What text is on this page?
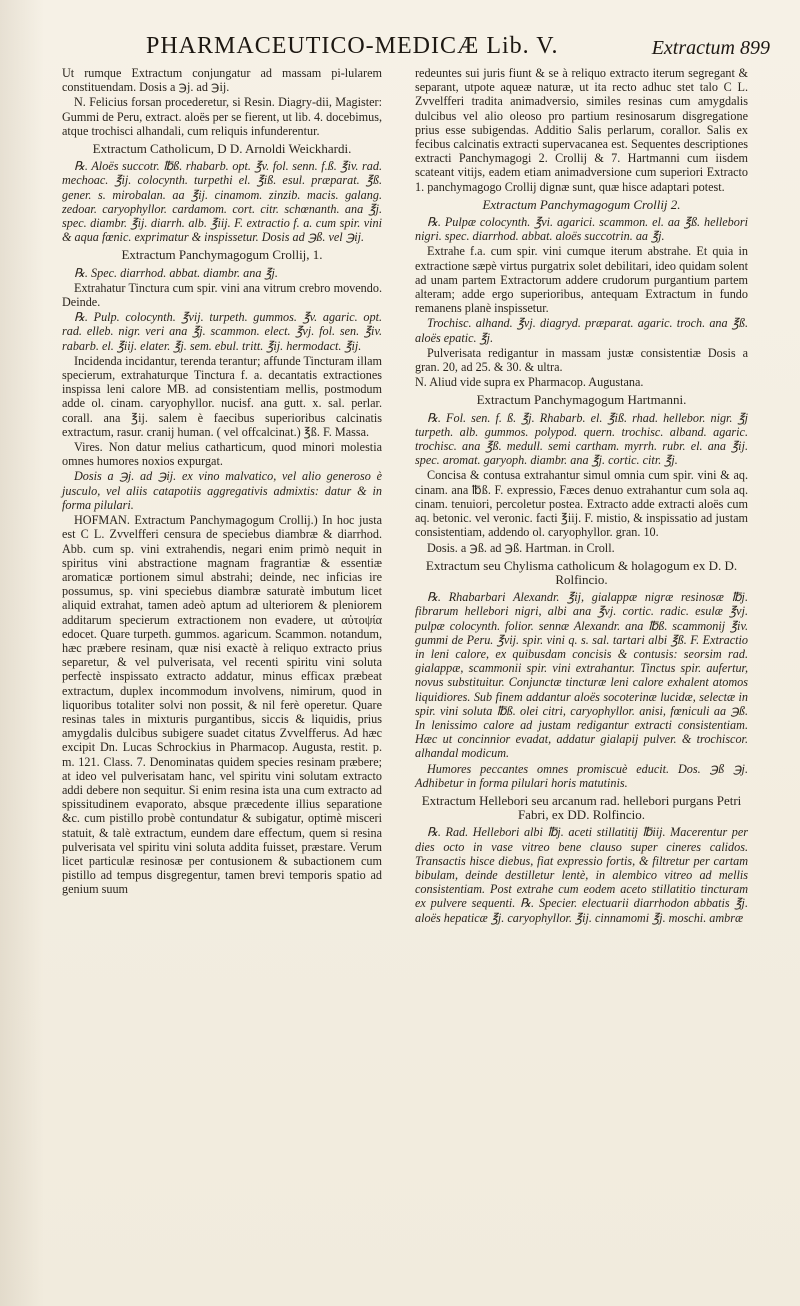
PHARMACEUTICO-MEDICÆ Lib. V.	Extractum 899

Ut rumque Extractum conjungatur ad massam pi-lularem constituendam. Dosis a ℈j. ad ℈ij.

N. Felicius forsan procederetur, si Resin. Diagry-dii, Magister: Gummi de Peru, extract. aloës per se fierent, ut lib. 4. docebimus, atque trochisci alhandali, cum reliquis infunderentur.

Extractum Catholicum, D D. Arnoldi Weickhardi.

℞. Aloës succotr. ℔ß. rhabarb. opt. ℥v. fol. senn. f.ß. ℥iv. rad. mechoac. ℥ij. colocynth. turpethi el. ℥iß. esul. præparat. ℥ß. gener. s. mirobalan. aa ℥ij. cinamom. zinzib. macis. galang. zedoar. caryophyllor. cardamom. cort. citr. schœnanth. ana ℥j. spec. diambr. ℥ij. diarrh. alb. ℥iij. F. extractio f. a. cum spir. vini & aqua fœnic. exprimatur & inspissetur. Dosis ad ℈ß. vel ℈ij.

Extractum Panchymagogum Crollij, 1.

℞. Spec. diarrhod. abbat. diambr. ana ℥j.

Extrahatur Tinctura cum spir. vini ana vitrum crebro movendo. Deinde.

℞. Pulp. colocynth. ℥vij. turpeth. gummos. ℥v. agaric. opt. rad. elleb. nigr. veri ana ℥j. scammon. elect. ℥vj. fol. sen. ℥iv. rabarb. el. ℥iij. elater. ℥j. sem. ebul. tritt. ℥ij. hermodact. ℥ij.

Incidenda incidantur, terenda terantur; affunde Tincturam illam specierum, extrahaturque Tinctura f. a. decantatis extractiones inspissa leni calore MB. ad consistentiam mellis, postmodum adde ol. cinam. caryophyllor. nucisf. ana gutt. x. sal. perlar. corall. ana ℥ij. salem è faecibus superioribus calcinatis extractum, rasur. cranij human. ( vel offcalcinat.) ℥ß. F. Massa.

Vires. Non datur melius catharticum, quod minori molestia omnes humores noxios expurgat.

Dosis a ℈j. ad ℈ij. ex vino malvatico, vel alio generoso è jusculo, vel aliis catapotiis aggregativis admixtis: datur & in forma pilulari.

HOFMAN. Extractum Panchymagogum Crollij.) In hoc justa est C L. Zvvelfferi censura de speciebus diambræ & diarrhod. Abb. cum sp. vini extrahendis, negari enim primò nequit in spiritus vini abstractione magnam fragrantiæ & essentiæ aromaticæ portionem simul abstrahi; deinde, nec inficias ire possumus, sp. vini speciebus diambræ saturatè imbutum licet aliquid extrahat, tamen adeò aptum ad ulteriorem & pleniorem additarum specierum extractionem non evadere, ut αὐτοψία edocet. Quare turpeth. gummos. agaricum. Scammon. notandum, hæc præbere resinam, quæ nisi exactè à reliquo extracto prius separetur, & vel pulverisata, vel recenti spiritu vini soluta perfectè inspissato extracto addatur, minus efficax præbeat extractum, duplex incommodum involvens, nimirum, quod in liquoribus totaliter solvi non possit, & nil ferè operetur. Quare resinas tales in mixturis purgantibus, siccis & liquidis, prius amygdalis dulcibus subigere suadet citatus Zvvelfferus. Ad hæc excipit Dn. Lucas Schrockius in Pharmacop. Augusta, restit. p. m. 121. Class. 7. Denominatas quidem species resinam præbere; at ideo vel pulverisatam hanc, vel spiritu vini solutam extracto addi debere non sequitur. Si enim resina ista una cum extracto ad spissitudinem evaporato, absque præcedente illius separatione &c. cum pistillo probè contundatur & subigatur, optimè misceri statuit, & talè extractum, eundem dare effectum, quem si resina pulverisata vel spiritu vini soluta addita fuisset, præstare. Verum licet particulæ resinosæ per contusionem & subactionem cum pistillo ad tempus disgregentur, tamen brevi temporis spatio ad genium suum

redeuntes sui juris fiunt & se à reliquo extracto iterum segregant & separant, utpote aqueæ naturæ, ut ita recto adhuc stet talo C L. Zvvelfferi tradita animadversio, similes resinas cum amygdalis dulcibus vel alio oleoso pro partium resinosarum disgregatione prius esse subigendas. Additio Salis perlarum, corallor. Salis ex fecibus calcinatis extracti supervacanea est. Sequentes descriptiones extracti Panchymagogi 2. Crollij & 7. Hartmanni cum iisdem scateant vitijs, eadem etiam animadversione cum superiori Extracto 1. panchymagogo Crollij dignæ sunt, quæ hisce adaptari potest.

Extractum Panchymagogum Crollij 2.

℞. Pulpæ colocynth. ℥vi. agarici. scammon. el. aa ℥ß. hellebori nigri. spec. diarrhod. abbat. aloës succotrin. aa ℥j.

Extrahe f.a. cum spir. vini cumque iterum abstrahe. Et quia in extractione sæpè virtus purgatrix solet debilitari, ideo quidam solent ad unam partem Extractorum addere crudorum purgantium partem alteram; adde ergo superioribus, antequam Extractum in fundo remanens planè inspissetur.

Trochisc. alhand. ℥vj. diagryd. præparat. agaric. troch. ana ℥ß. aloës epatic. ℥j.

Pulverisata redigantur in massam justæ consistentiæ Dosis a gran. 20, ad 25. & 30. & ultra.

N. Aliud vide supra ex Pharmacop. Augustana.

Extractum Panchymagogum Hartmanni.

℞. Fol. sen. f. ß. ℥j. Rhabarb. el. ℥iß. rhad. hellebor. nigr. ℥j turpeth. alb. gummos. polypod. quern. trochisc. alband. agaric. trochisc. ana ℥ß. medull. semi cartham. myrrh. rubr. el. ana ℥ij. spec. aromat. garyoph. diambr. ana ℥j. cortic. citr. ℥j.

Concisa & contusa extrahantur simul omnia cum spir. vini & aq. cinam. ana ℔ß. F. expressio, Fæces denuo extrahantur cum sola aq. cinam. tenuiori, percoletur postea. Extracto adde extracti aloës cum aq. betonic. vel veronic. facti ℥iij. F. mistio, & inspissatio ad justam consistentiam, addendo ol. caryophyllor. gran. 10.

Dosis. a ℈ß. ad ℈ß. Hartman. in Croll.

Extractum seu Chylisma catholicum & holagogum ex D. D. Rolfincio.

℞. Rhabarbari Alexandr. ℥ij, gialappæ nigræ resinosæ ℔j. fibrarum hellebori nigri, albi ana ℥vj. cortic. radic. esulæ ℥vj. pulpæ colocynth. folior. sennæ Alexandr. ana ℔ß. scammonij ℥iv. gummi de Peru. ℥vij. spir. vini q. s. sal. tartari albi ℥ß. F. Extractio in leni calore, ex quibusdam concisis & contusis: seorsim rad. gialappæ, scammonii spir. vini extrahantur. Tinctus spir. aufertur, novus substituitur. Conjunctæ tincturæ leni calore exhalent atomos liquidiores. Sub finem addantur aloës socoterinæ lucidæ, selectæ in spir. vini soluta ℔ß. olei citri, caryophyllor. anisi, fœniculi aa ℈ß. In lenissimo calore ad justam redigantur extracti consistentiam. Hæc ut concinnior evadat, addatur gialapij pulver. & trochiscor. alhandal modicum.

Humores peccantes omnes promiscuè educit. Dos. ℈ß ℈j. Adhibetur in forma pilulari horis matutinis.

Extractum Hellebori seu arcanum rad. hellebori purgans Petri Fabri, ex DD. Rolfincio.

℞. Rad. Hellebori albi ℔j. aceti stillatitij ℔iij. Macerentur per dies octo in vase vitreo bene clauso super cineres calidos. Transactis hisce diebus, fiat expressio fortis, & filtretur per cartam bibulam, deinde destilletur lentè, in alembico vitreo ad mellis consistentiam. Post extrahe cum eodem aceto stillatitio tincturam ex pulvere sequenti. ℞. Specier. electuarii diarrhodon abbatis ℥j. aloës hepaticæ ℥j. caryophyllor. ℥ij. cinnamomi ℥j. moschi. ambræ
